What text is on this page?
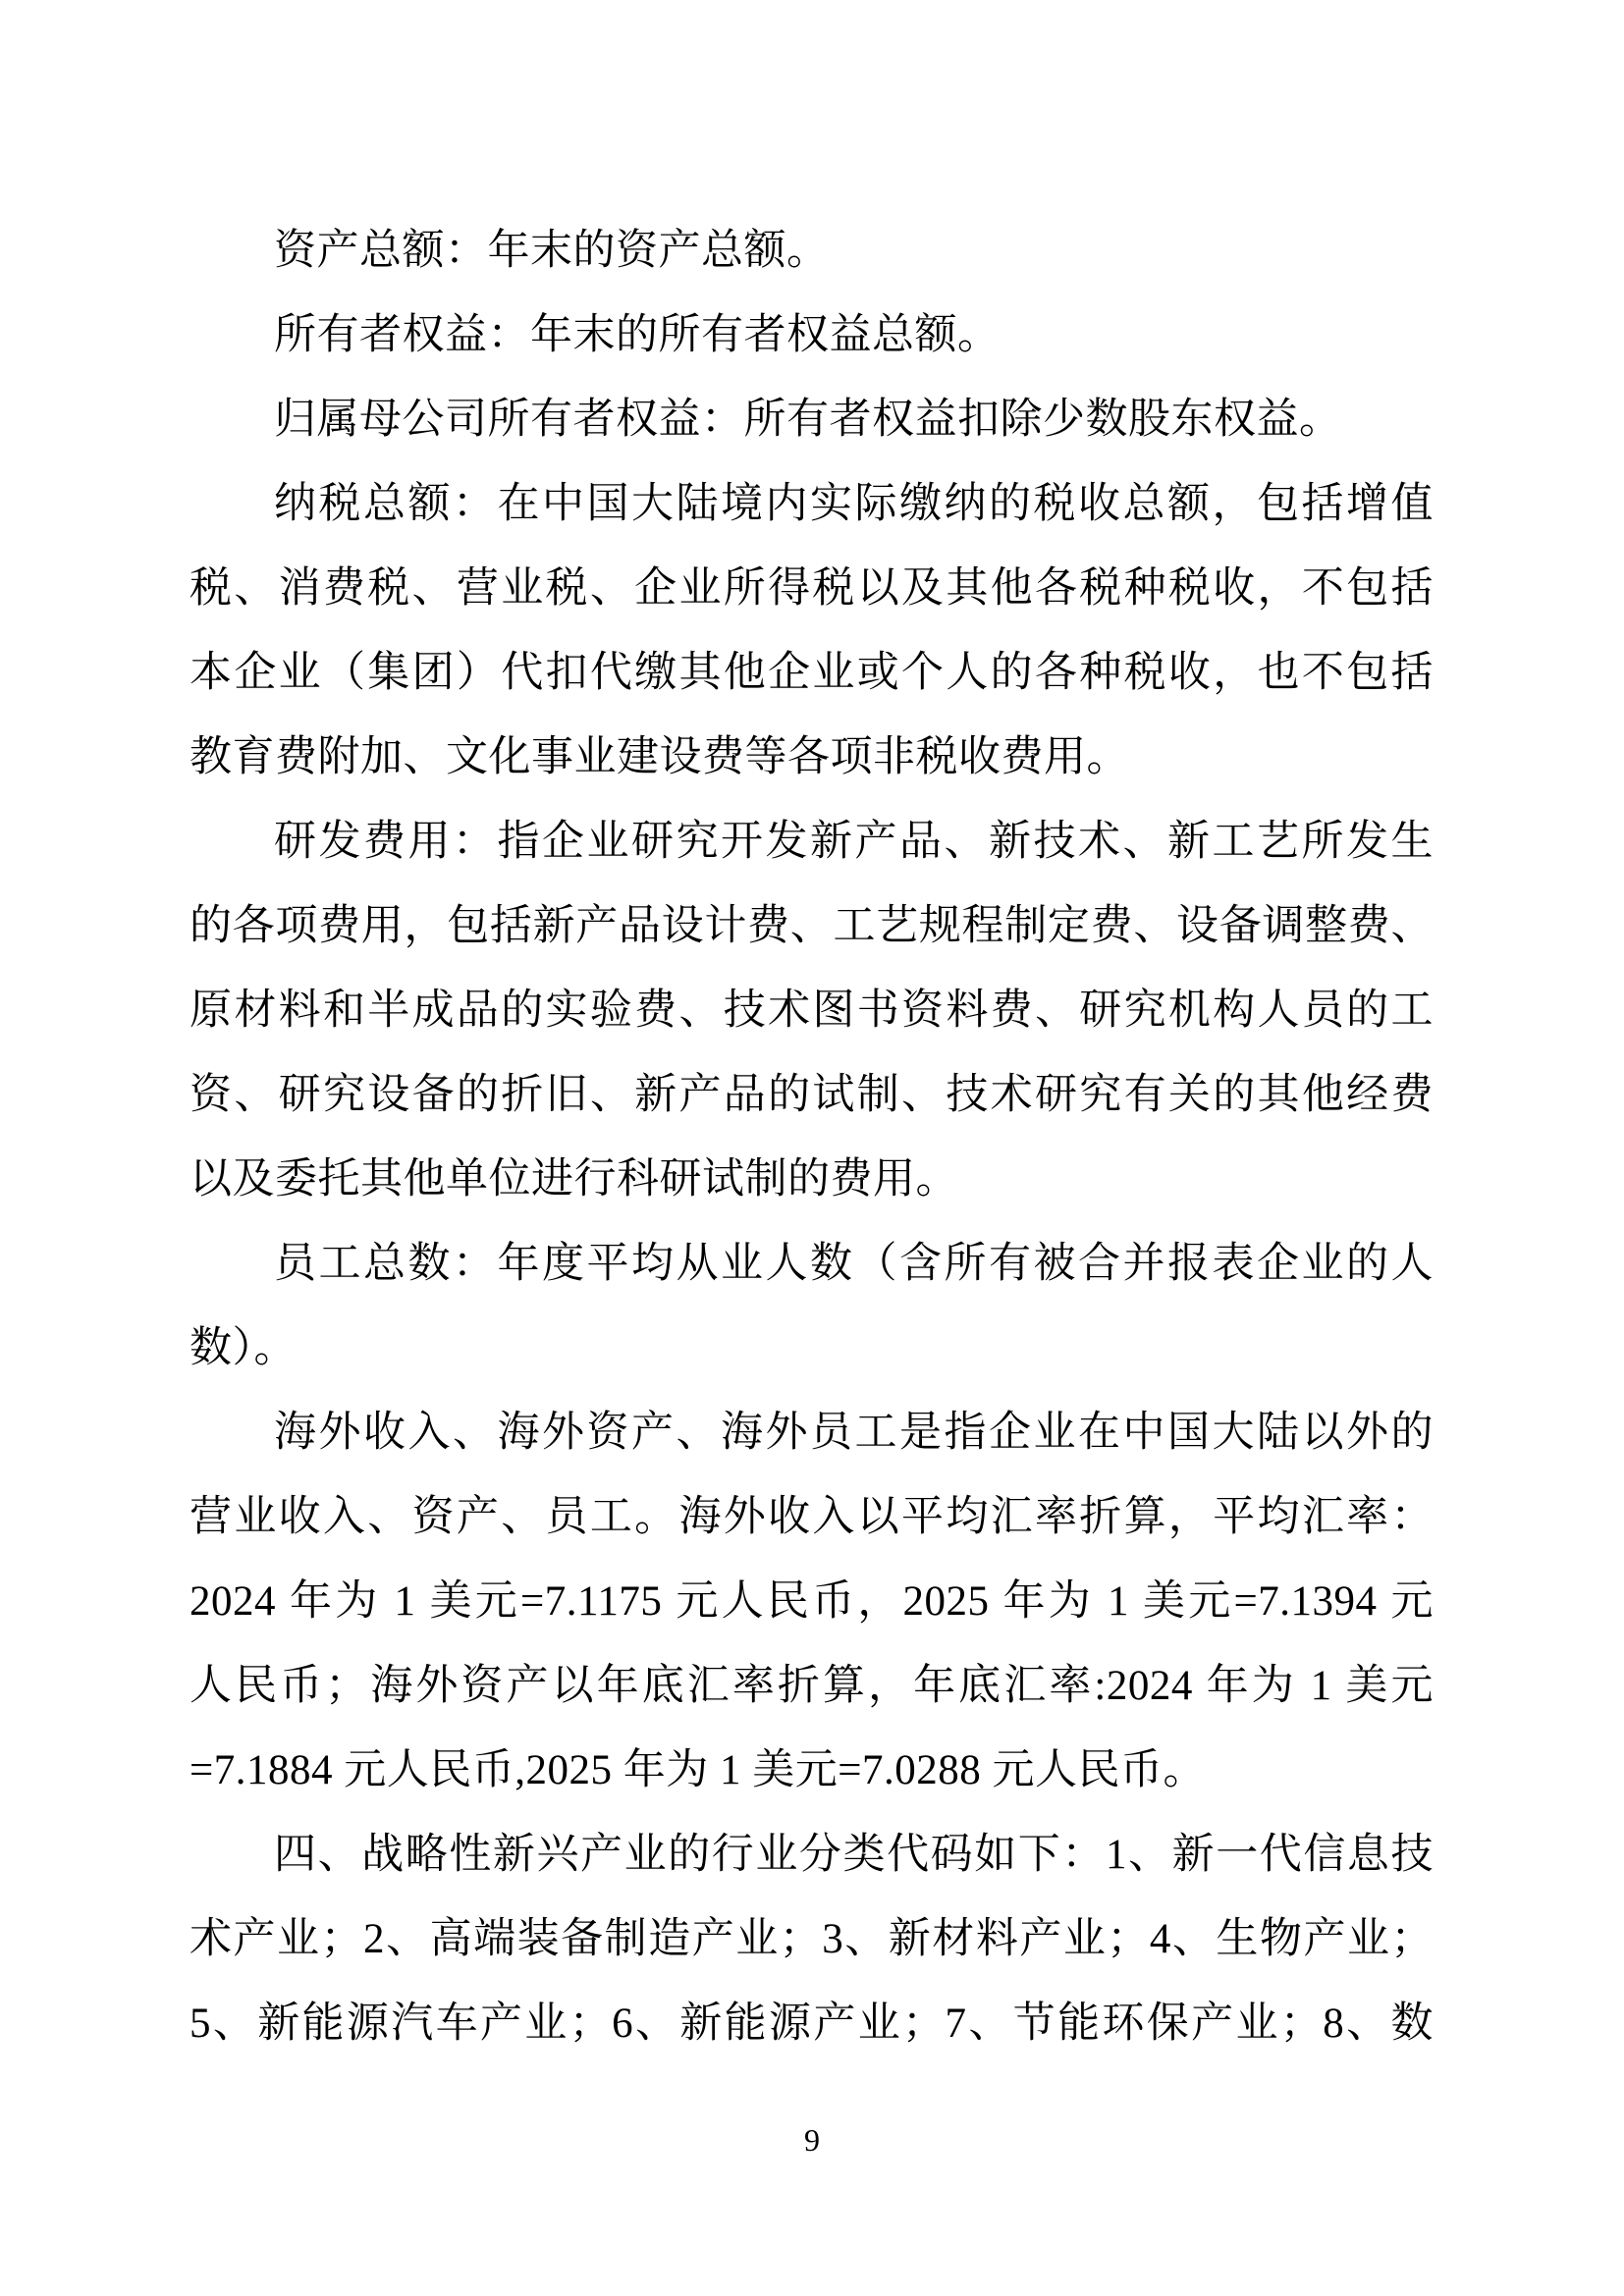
资产总额：年末的资产总额。
所有者权益：年末的所有者权益总额。
归属母公司所有者权益：所有者权益扣除少数股东权益。
纳税总额：在中国大陆境内实际缴纳的税收总额，包括增值
税、消费税、营业税、企业所得税以及其他各税种税收，不包括
本企业（集团）代扣代缴其他企业或个人的各种税收，也不包括
教育费附加、文化事业建设费等各项非税收费用。
研发费用：指企业研究开发新产品、新技术、新工艺所发生
的各项费用，包括新产品设计费、工艺规程制定费、设备调整费、
原材料和半成品的实验费、技术图书资料费、研究机构人员的工
资、研究设备的折旧、新产品的试制、技术研究有关的其他经费
以及委托其他单位进行科研试制的费用。
员工总数：年度平均从业人数（含所有被合并报表企业的人
数）。
海外收入、海外资产、海外员工是指企业在中国大陆以外的
营业收入、资产、员工。海外收入以平均汇率折算，平均汇率：
2024 年为 1 美元=7.1175 元人民币，2025 年为 1 美元=7.1394 元
人民币；海外资产以年底汇率折算，年底汇率:2024 年为 1 美元
=7.1884 元人民币,2025 年为 1 美元=7.0288 元人民币。
四、战略性新兴产业的行业分类代码如下：1、新一代信息技
术产业；2、高端装备制造产业；3、新材料产业；4、生物产业；
5、新能源汽车产业；6、新能源产业；7、节能环保产业；8、数
9
